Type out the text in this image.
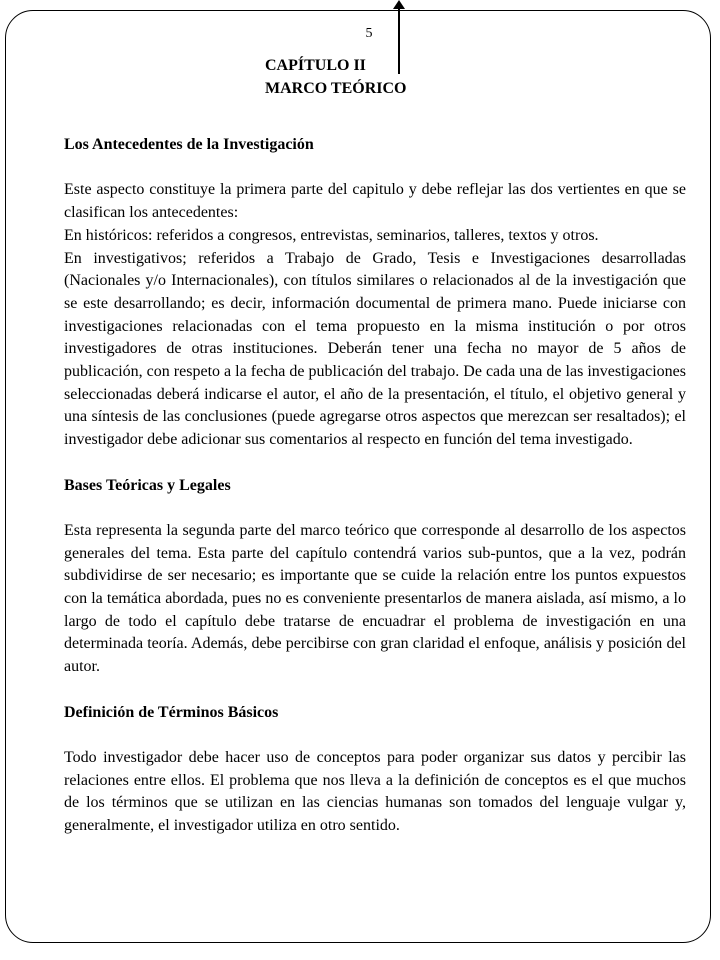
5
CAPÍTULO II
MARCO TEÓRICO

Los Antecedentes de la Investigación

Este aspecto constituye la primera parte del capitulo y debe reflejar las dos vertientes en que se clasifican los antecedentes:

En históricos: referidos a congresos, entrevistas, seminarios, talleres, textos y otros.

En investigativos; referidos a Trabajo de Grado, Tesis e Investigaciones desarrolladas (Nacionales y/o Internacionales), con títulos similares o relacionados al de la investigación que se este desarrollando; es decir, información documental de primera mano. Puede iniciarse con investigaciones relacionadas con el tema propuesto en la misma institución o por otros investigadores de otras instituciones. Deberán tener una fecha no mayor de 5 años de publicación, con respeto a la fecha de publicación del trabajo. De cada una de las investigaciones seleccionadas deberá indicarse el autor, el año de la presentación, el título, el objetivo general y una síntesis de las conclusiones (puede agregarse otros aspectos que merezcan ser resaltados); el investigador debe adicionar sus comentarios al respecto en función del tema investigado.

Bases Teóricas y Legales

Esta representa la segunda parte del marco teórico que corresponde al desarrollo de los aspectos generales del tema. Esta parte del capítulo contendrá varios sub-puntos, que a la vez, podrán subdividirse de ser necesario; es importante que se cuide la relación entre los puntos expuestos con la temática abordada, pues no es conveniente presentarlos de manera aislada, así mismo, a lo largo de todo el capítulo debe tratarse de encuadrar el problema de investigación en una determinada teoría. Además, debe percibirse con gran claridad el enfoque, análisis y posición del autor.

Definición de Términos Básicos

Todo investigador debe hacer uso de conceptos para poder organizar sus datos y percibir las relaciones entre ellos. El problema que nos lleva a la definición de conceptos es el que muchos de los términos que se utilizan en las ciencias humanas son tomados del lenguaje vulgar y, generalmente, el investigador utiliza en otro sentido.
